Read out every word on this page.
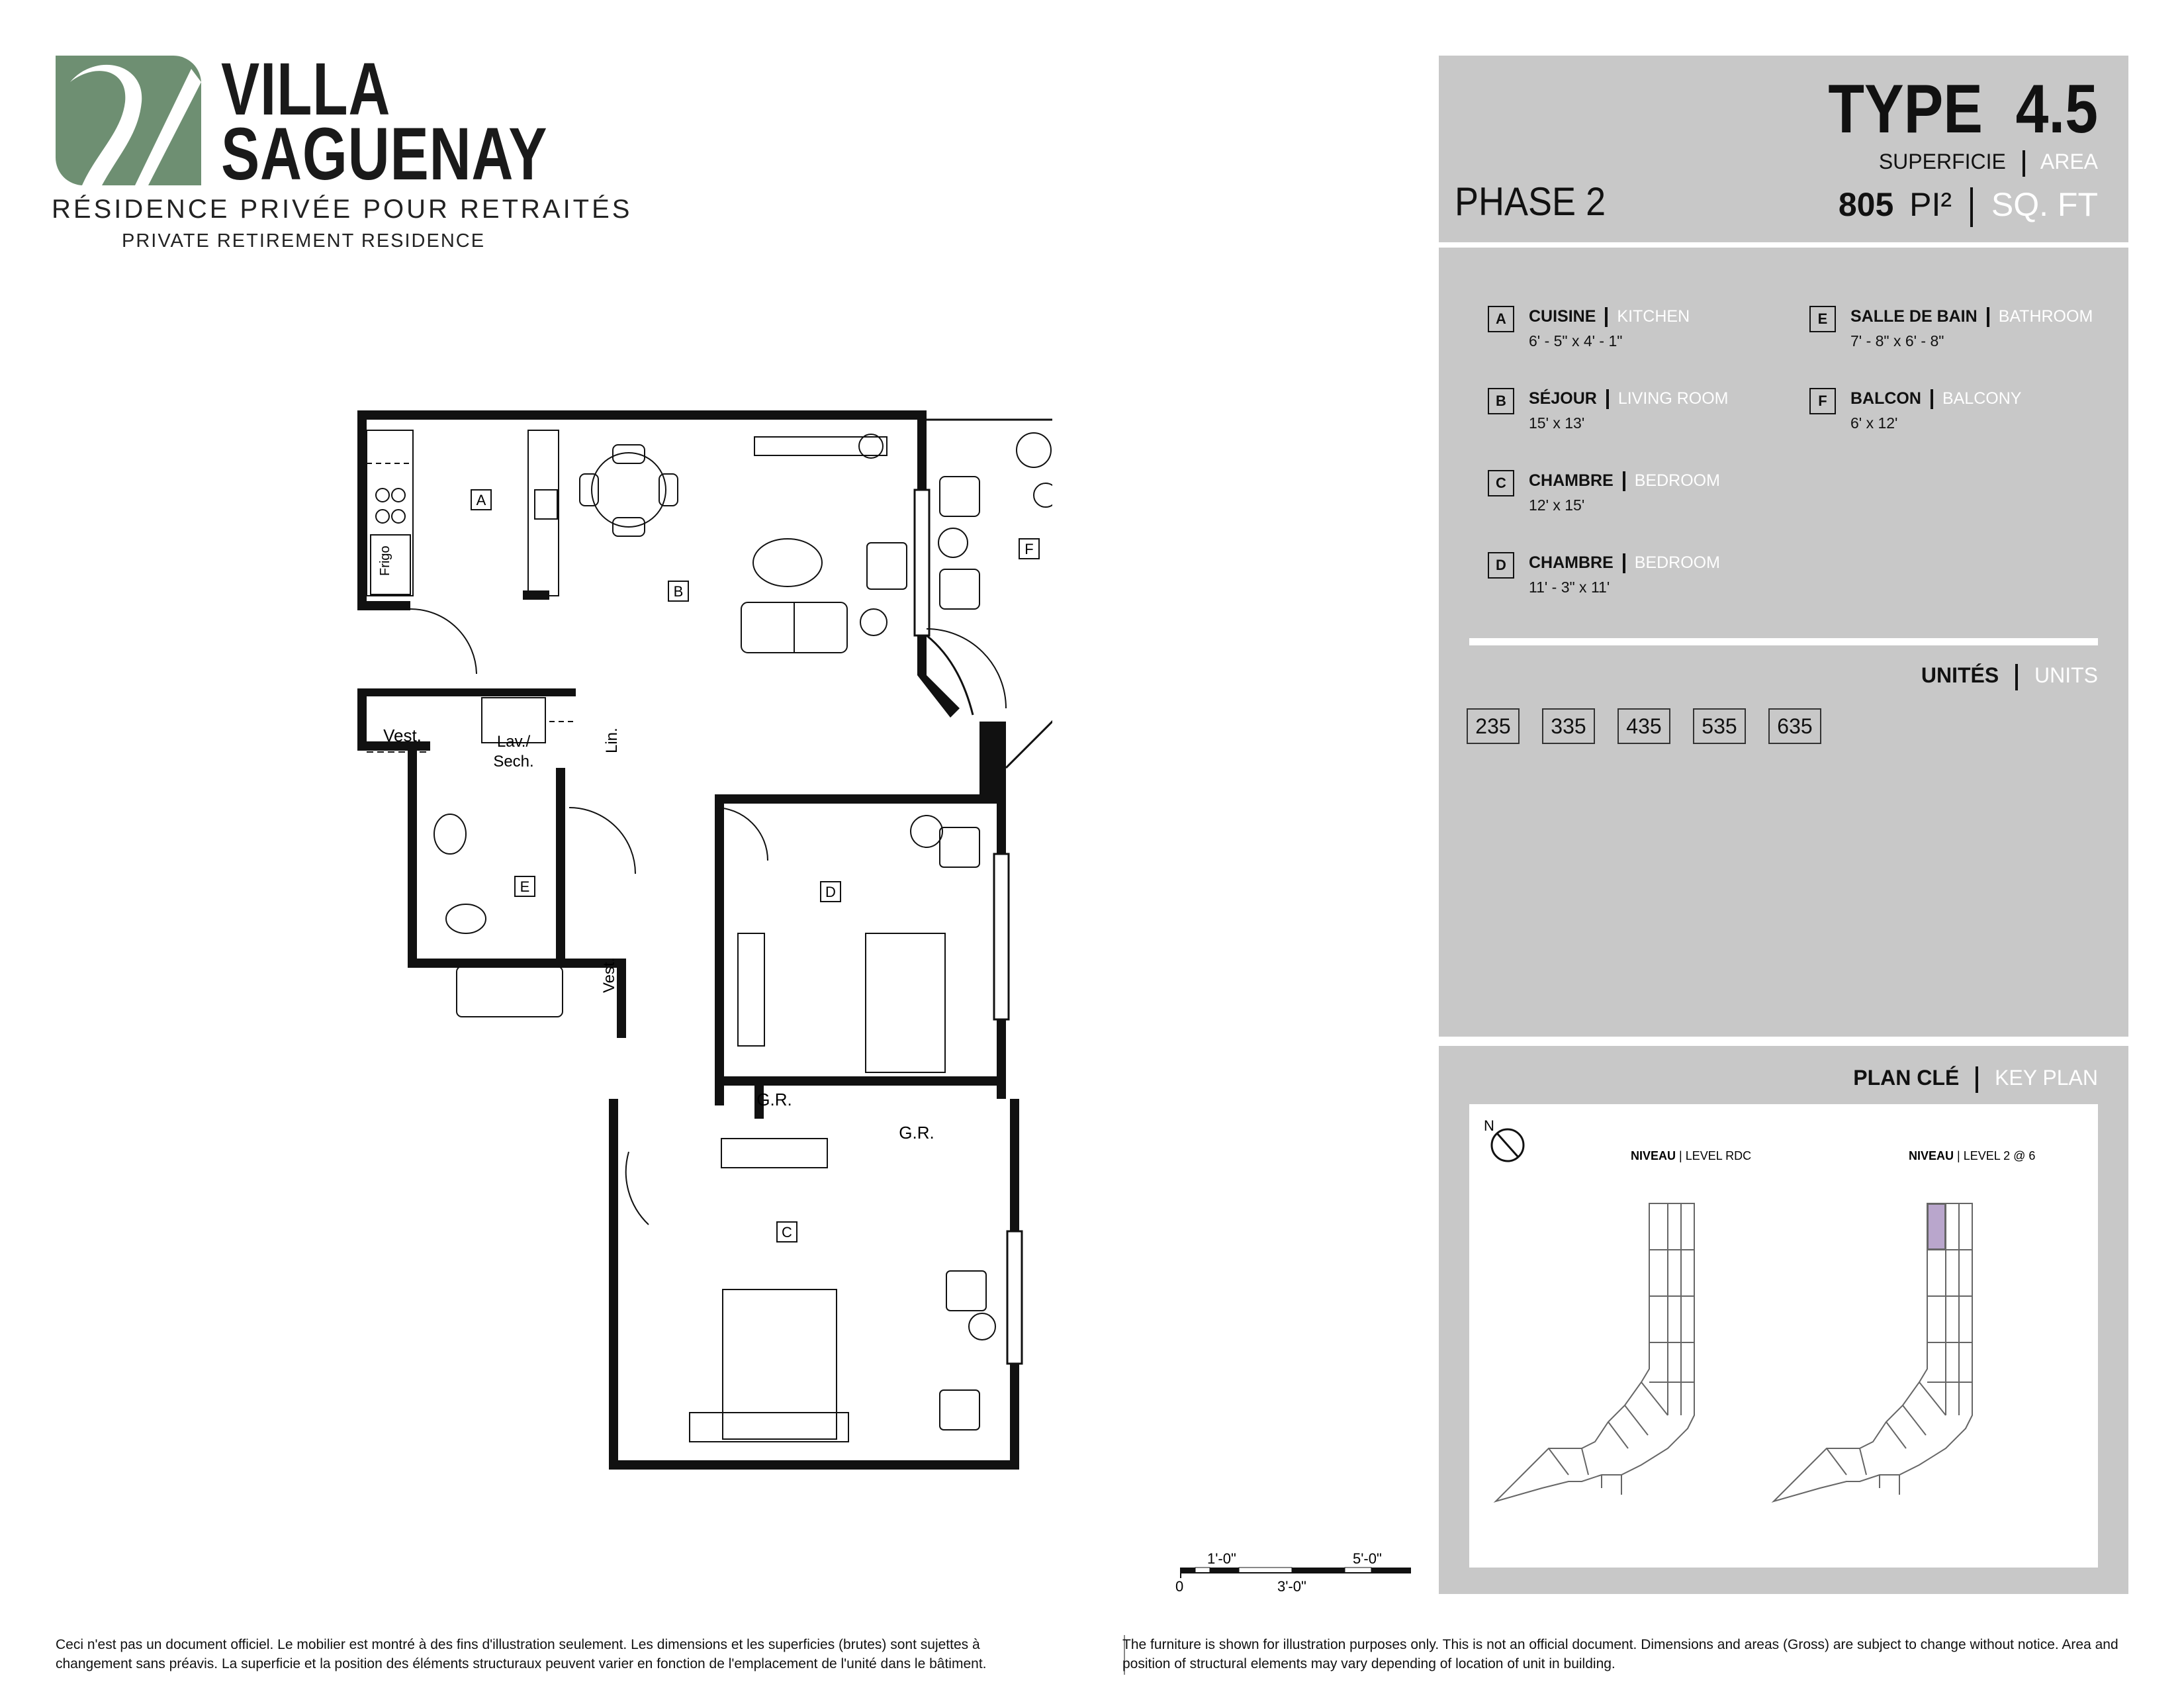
VILLA
SAGUENAY
RÉSIDENCE PRIVÉE POUR RETRAITÉS
PRIVATE RETIREMENT RESIDENCE
TYPE 4.5
SUPERFICIE AREA
PHASE 2	805 PI² SQ. FT
A	CUISINE KITCHEN
6' - 5" x 4' - 1"
B	SÉJOUR LIVING ROOM
15' x 13'
C	CHAMBRE BEDROOM
12' x 15'
D	CHAMBRE BEDROOM
11' - 3" x 11'
E	SALLE DE BAIN BATHROOM
7' - 8" x 6' - 8"
F	BALCON BALCONY
6' x 12'
UNITÉS UNITS
235	335	435	535	635
PLAN CLÉ KEY PLAN
N
NIVEAU | LEVEL RDC	NIVEAU | LEVEL 2 @ 6
Frigo
Vest.	Lav./
Sech.
Lin.
Vest.
G.R.
G.R.
A
B
F
E	D
C
1'-0"	5'-0"
0	3'-0"
Ceci n'est pas un document officiel. Le mobilier est montré à des fins d'illustration seulement. Les dimensions et les superficies (brutes) sont sujettes à changement sans préavis. La superficie et la position des éléments structuraux peuvent varier en fonction de l'emplacement de l'unité dans le bâtiment.
The furniture is shown for illustration purposes only. This is not an official document. Dimensions and areas (Gross) are subject to change without notice. Area and position of structural elements may vary depending of location of unit in building.
